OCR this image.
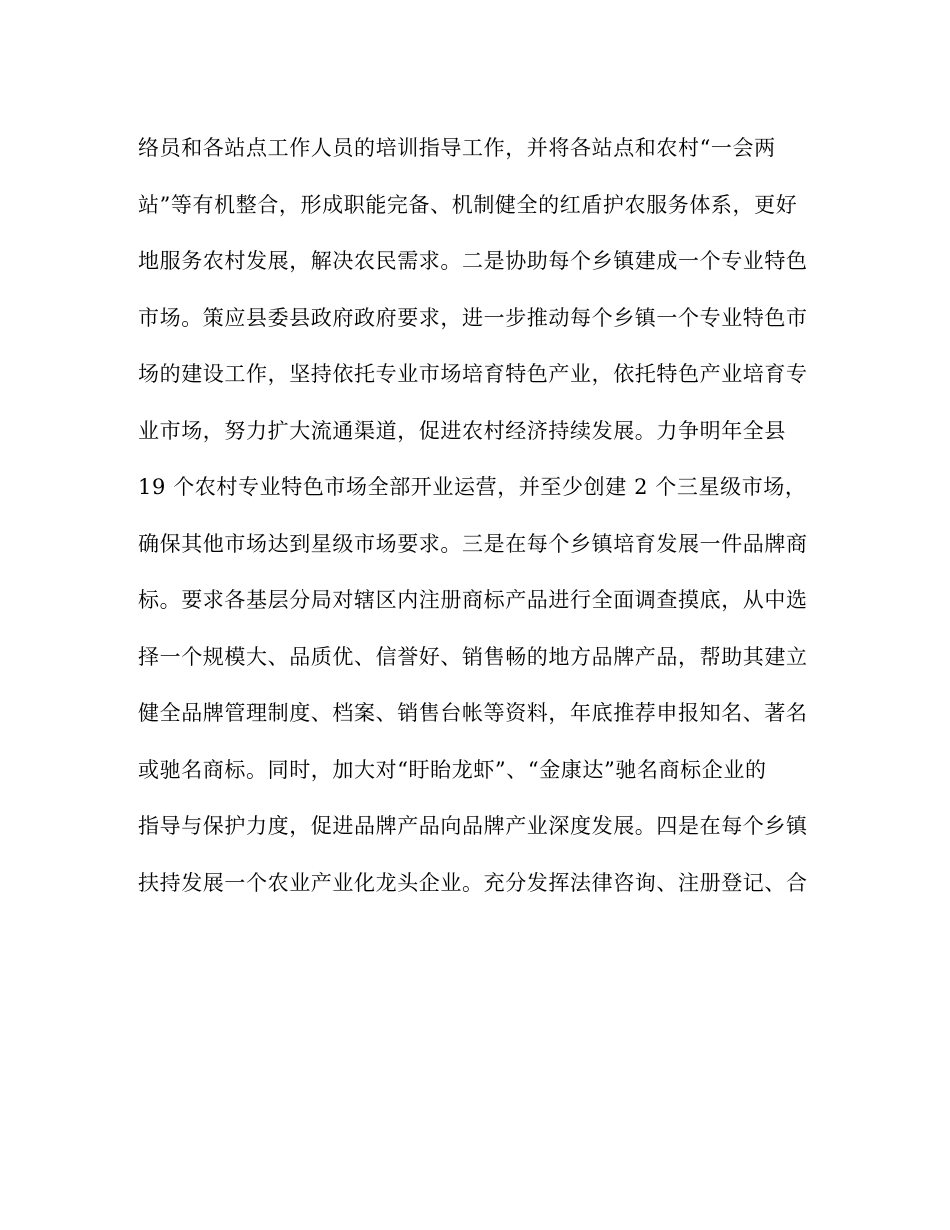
络员和各站点工作人员的培训指导工作，并将各站点和农村“一会两
站”等有机整合，形成职能完备、机制健全的红盾护农服务体系，更好
地服务农村发展，解决农民需求。二是协助每个乡镇建成一个专业特色
市场。策应县委县政府政府要求，进一步推动每个乡镇一个专业特色市
场的建设工作，坚持依托专业市场培育特色产业，依托特色产业培育专
业市场，努力扩大流通渠道，促进农村经济持续发展。力争明年全县
19 个农村专业特色市场全部开业运营，并至少创建 2 个三星级市场，
确保其他市场达到星级市场要求。三是在每个乡镇培育发展一件品牌商
标。要求各基层分局对辖区内注册商标产品进行全面调查摸底，从中选
择一个规模大、品质优、信誉好、销售畅的地方品牌产品，帮助其建立
健全品牌管理制度、档案、销售台帐等资料，年底推荐申报知名、著名
或驰名商标。同时，加大对“盱眙龙虾”、“金康达”驰名商标企业的
指导与保护力度，促进品牌产品向品牌产业深度发展。四是在每个乡镇
扶持发展一个农业产业化龙头企业。充分发挥法律咨询、注册登记、合
